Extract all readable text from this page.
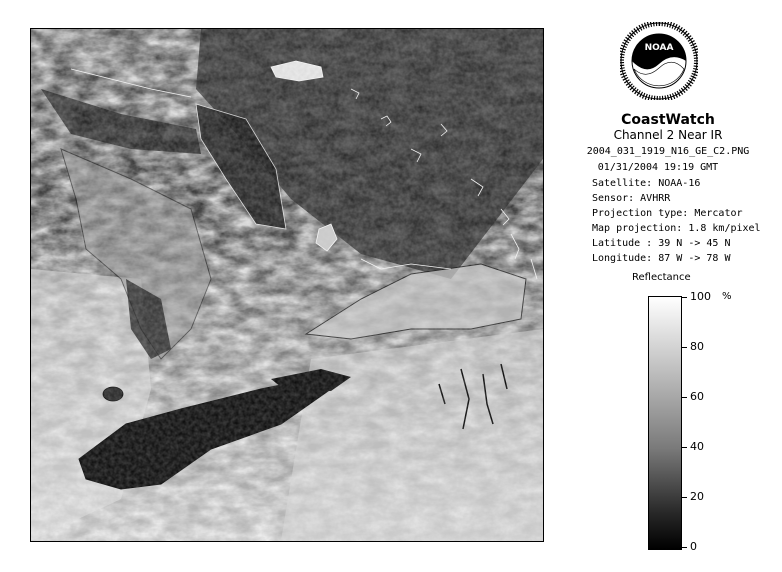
NOAA
CoastWatch
Channel 2 Near IR
2004_031_1919_N16_GE_C2.PNG
01/31/2004 19:19 GMT
Satellite: NOAA-16
Sensor: AVHRR
Projection type: Mercator
Map projection: 1.8 km/pixel
Latitude : 39 N -> 45 N
Longitude: 87 W -> 78 W
Reflectance
%
100
80
60
40
20
0
